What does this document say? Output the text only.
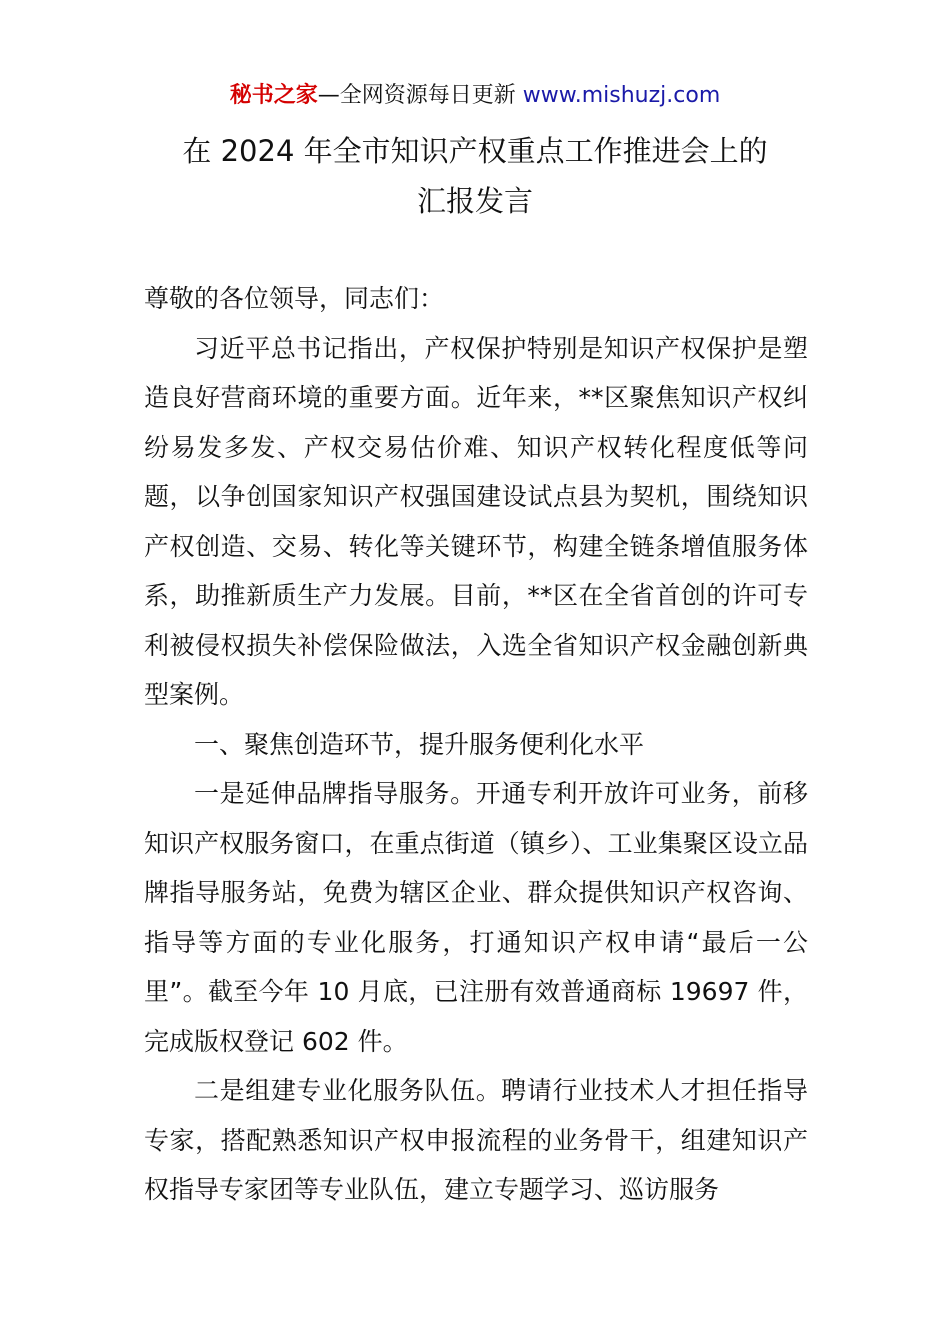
秘书之家—全网资源每日更新 www.mishuzj.com
在 2024 年全市知识产权重点工作推进会上的
汇报发言

尊敬的各位领导，同志们：

习近平总书记指出，产权保护特别是知识产权保护是塑造良好营商环境的重要方面。近年来，**区聚焦知识产权纠纷易发多发、产权交易估价难、知识产权转化程度低等问题，以争创国家知识产权强国建设试点县为契机，围绕知识产权创造、交易、转化等关键环节，构建全链条增值服务体系，助推新质生产力发展。目前，**区在全省首创的许可专利被侵权损失补偿保险做法，入选全省知识产权金融创新典型案例。

一、聚焦创造环节，提升服务便利化水平

一是延伸品牌指导服务。开通专利开放许可业务，前移知识产权服务窗口，在重点街道（镇乡）、工业集聚区设立品牌指导服务站，免费为辖区企业、群众提供知识产权咨询、指导等方面的专业化服务，打通知识产权申请“最后一公里”。截至今年 10 月底，已注册有效普通商标 19697 件，完成版权登记 602 件。

二是组建专业化服务队伍。聘请行业技术人才担任指导专家，搭配熟悉知识产权申报流程的业务骨干，组建知识产权指导专家团等专业队伍，建立专题学习、巡访服务
